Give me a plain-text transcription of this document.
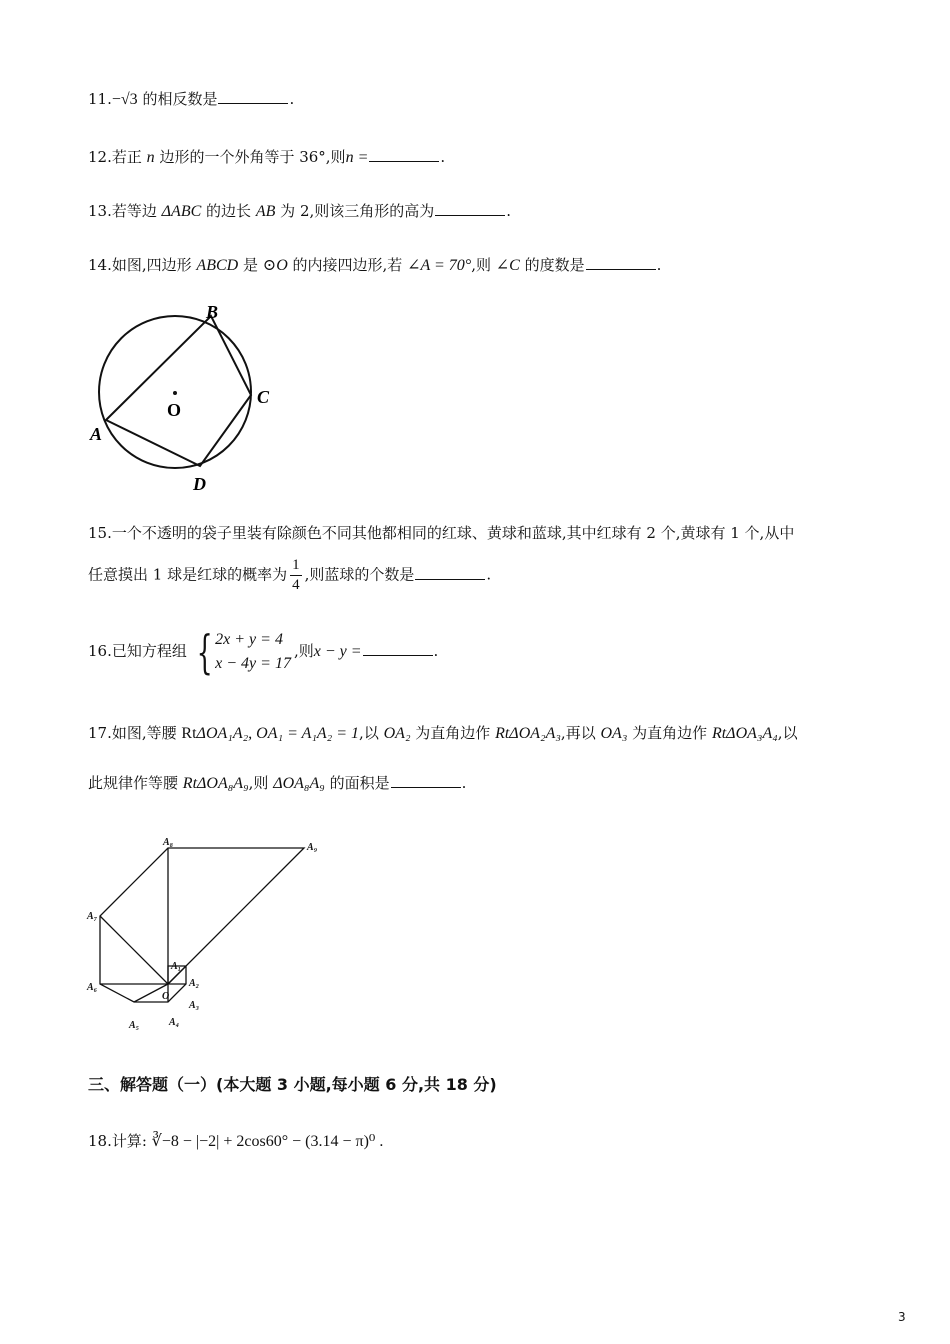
11.−√3 的相反数是	.
12.若正 n 边形的一个外角等于 36°,则n =	.
13.若等边 ΔABC 的边长 AB 为 2,则该三角形的高为	.
14.如图,四边形 ABCD 是 ⊙O 的内接四边形,若 ∠A = 70°,则 ∠C 的度数是	.
O
B
C
A
D
15.一个不透明的袋子里装有除颜色不同其他都相同的红球、黄球和蓝球,其中红球有 2 个,黄球有 1 个,从中
任意摸出 1 球是红球的概率为 $\frac{1}{4}$ ,则蓝球的个数是	.
16.已知方程组 { 2x + y = 4
x − 4y = 17
,则x − y =	.
17.如图,等腰 RtΔOA₁A₂, OA₁ = A₁A₂ = 1,以 OA₂ 为直角边作 RtΔOA₂A₃,再以 OA₃ 为直角边作 RtΔOA₃A₄,以
此规律作等腰 RtΔOA₈A₉,则 ΔOA₈A₉ 的面积是	.
A₈	A₉
A₇
A₆
A₁
A₂
A₃
A₄
A₅
O
三、解答题（一）(本大题 3 小题,每小题 6 分,共 18 分)
18.计算: ∛−8 − |−2| + 2cos60° − (3.14 − π)⁰ .
3
